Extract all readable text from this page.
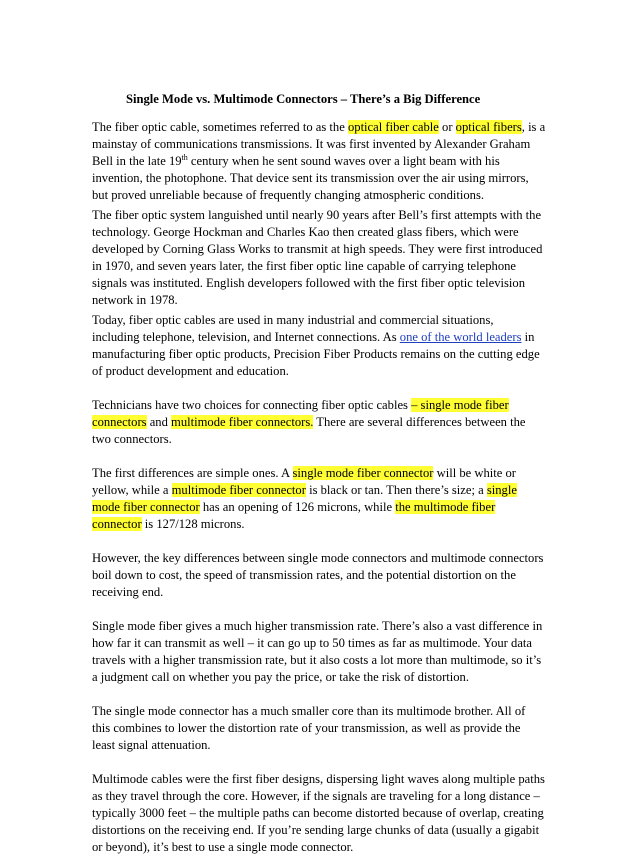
Single Mode vs. Multimode Connectors – There’s a Big Difference

The fiber optic cable, sometimes referred to as the optical fiber cable or optical fibers, is a
mainstay of communications transmissions. It was first invented by Alexander Graham
Bell in the late 19th century when he sent sound waves over a light beam with his
invention, the photophone. That device sent its transmission over the air using mirrors,
but proved unreliable because of frequently changing atmospheric conditions.

The fiber optic system languished until nearly 90 years after Bell’s first attempts with the
technology. George Hockman and Charles Kao then created glass fibers, which were
developed by Corning Glass Works to transmit at high speeds. They were first introduced
in 1970, and seven years later, the first fiber optic line capable of carrying telephone
signals was instituted. English developers followed with the first fiber optic television
network in 1978.

Today, fiber optic cables are used in many industrial and commercial situations,
including telephone, television, and Internet connections. As one of the world leaders in
manufacturing fiber optic products, Precision Fiber Products remains on the cutting edge
of product development and education.

Technicians have two choices for connecting fiber optic cables – single mode fiber
connectors and multimode fiber connectors. There are several differences between the
two connectors.

The first differences are simple ones. A single mode fiber connector will be white or
yellow, while a multimode fiber connector is black or tan. Then there’s size; a single
mode fiber connector has an opening of 126 microns, while the multimode fiber
connector is 127/128 microns.

However, the key differences between single mode connectors and multimode connectors
boil down to cost, the speed of transmission rates, and the potential distortion on the
receiving end.

Single mode fiber gives a much higher transmission rate. There’s also a vast difference in
how far it can transmit as well – it can go up to 50 times as far as multimode. Your data
travels with a higher transmission rate, but it also costs a lot more than multimode, so it’s
a judgment call on whether you pay the price, or take the risk of distortion.

The single mode connector has a much smaller core than its multimode brother. All of
this combines to lower the distortion rate of your transmission, as well as provide the
least signal attenuation.

Multimode cables were the first fiber designs, dispersing light waves along multiple paths
as they travel through the core. However, if the signals are traveling for a long distance –
typically 3000 feet – the multiple paths can become distorted because of overlap, creating
distortions on the receiving end. If you’re sending large chunks of data (usually a gigabit
or beyond), it’s best to use a single mode connector.
